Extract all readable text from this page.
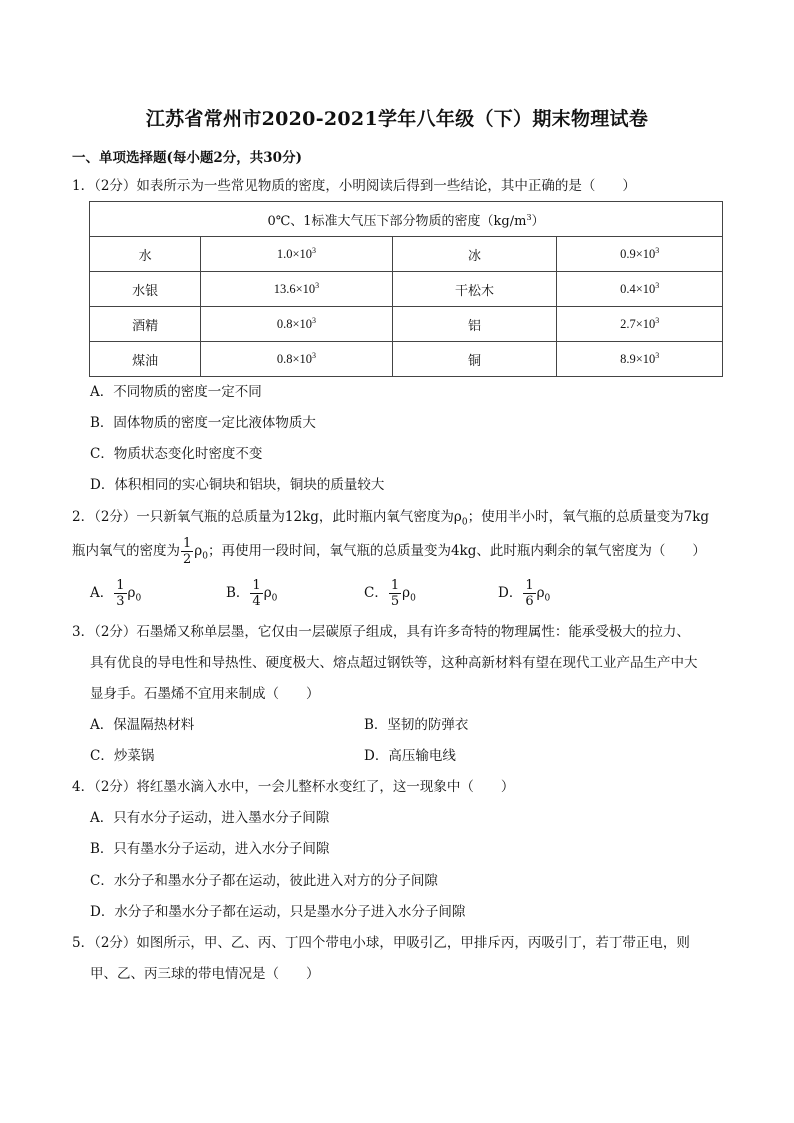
江苏省常州市2020-2021学年八年级（下）期末物理试卷
一、单项选择题(每小题2分，共30分)
1．（2分）如表所示为一些常见物质的密度，小明阅读后得到一些结论，其中正确的是（　　）
0℃、1标准大气压下部分物质的密度$(kg/m^3)$			
水	$1.0\times 10^3$	冰	$0.9\times 10^3$
水银	$13.6\times 10^3$	干松木	$0.4\times 10^3$
酒精	$0.8\times 10^3$	铝	$2.7\times 10^3$
煤油	$0.8\times 10^3$	铜	$8.9\times 10^3$
A．不同物质的密度一定不同
B．固体物质的密度一定比液体物质大
C．物质状态变化时密度不变
D．体积相同的实心铜块和铝块，铜块的质量较大
2．（2分）一只新氧气瓶的总质量为12kg，此时瓶内氧气密度为$\rho_0$；使用半小时，氧气瓶的总质量变为7kg
瓶内氧气的密度为 $\frac{1}{2} \rho_0$；再使用一段时间，氧气瓶的总质量变为4kg、此时瓶内剩余的氧气密度为（　　）
A． $\frac{1}{3} \rho_0$	B． $\frac{1}{4} \rho_0$	C． $\frac{1}{5} \rho_0$	D． $\frac{1}{6} \rho_0$
3．（2分）石墨烯又称单层墨，它仅由一层碳原子组成，具有许多奇特的物理属性：能承受极大的拉力、
具有优良的导电性和导热性、硬度极大、熔点超过钢铁等，这种高新材料有望在现代工业产品生产中大
显身手。石墨烯不宜用来制成（　　）
A．保温隔热材料	B．坚韧的防弹衣
C．炒菜锅	D．高压输电线
4．（2分）将红墨水滴入水中，一会儿整杯水变红了，这一现象中（　　）
A．只有水分子运动，进入墨水分子间隙
B．只有墨水分子运动，进入水分子间隙
C．水分子和墨水分子都在运动，彼此进入对方的分子间隙
D．水分子和墨水分子都在运动，只是墨水分子进入水分子间隙
5．（2分）如图所示，甲、乙、丙、丁四个带电小球，甲吸引乙，甲排斥丙，丙吸引丁，若丁带正电，则
甲、乙、丙三球的带电情况是（　　）
